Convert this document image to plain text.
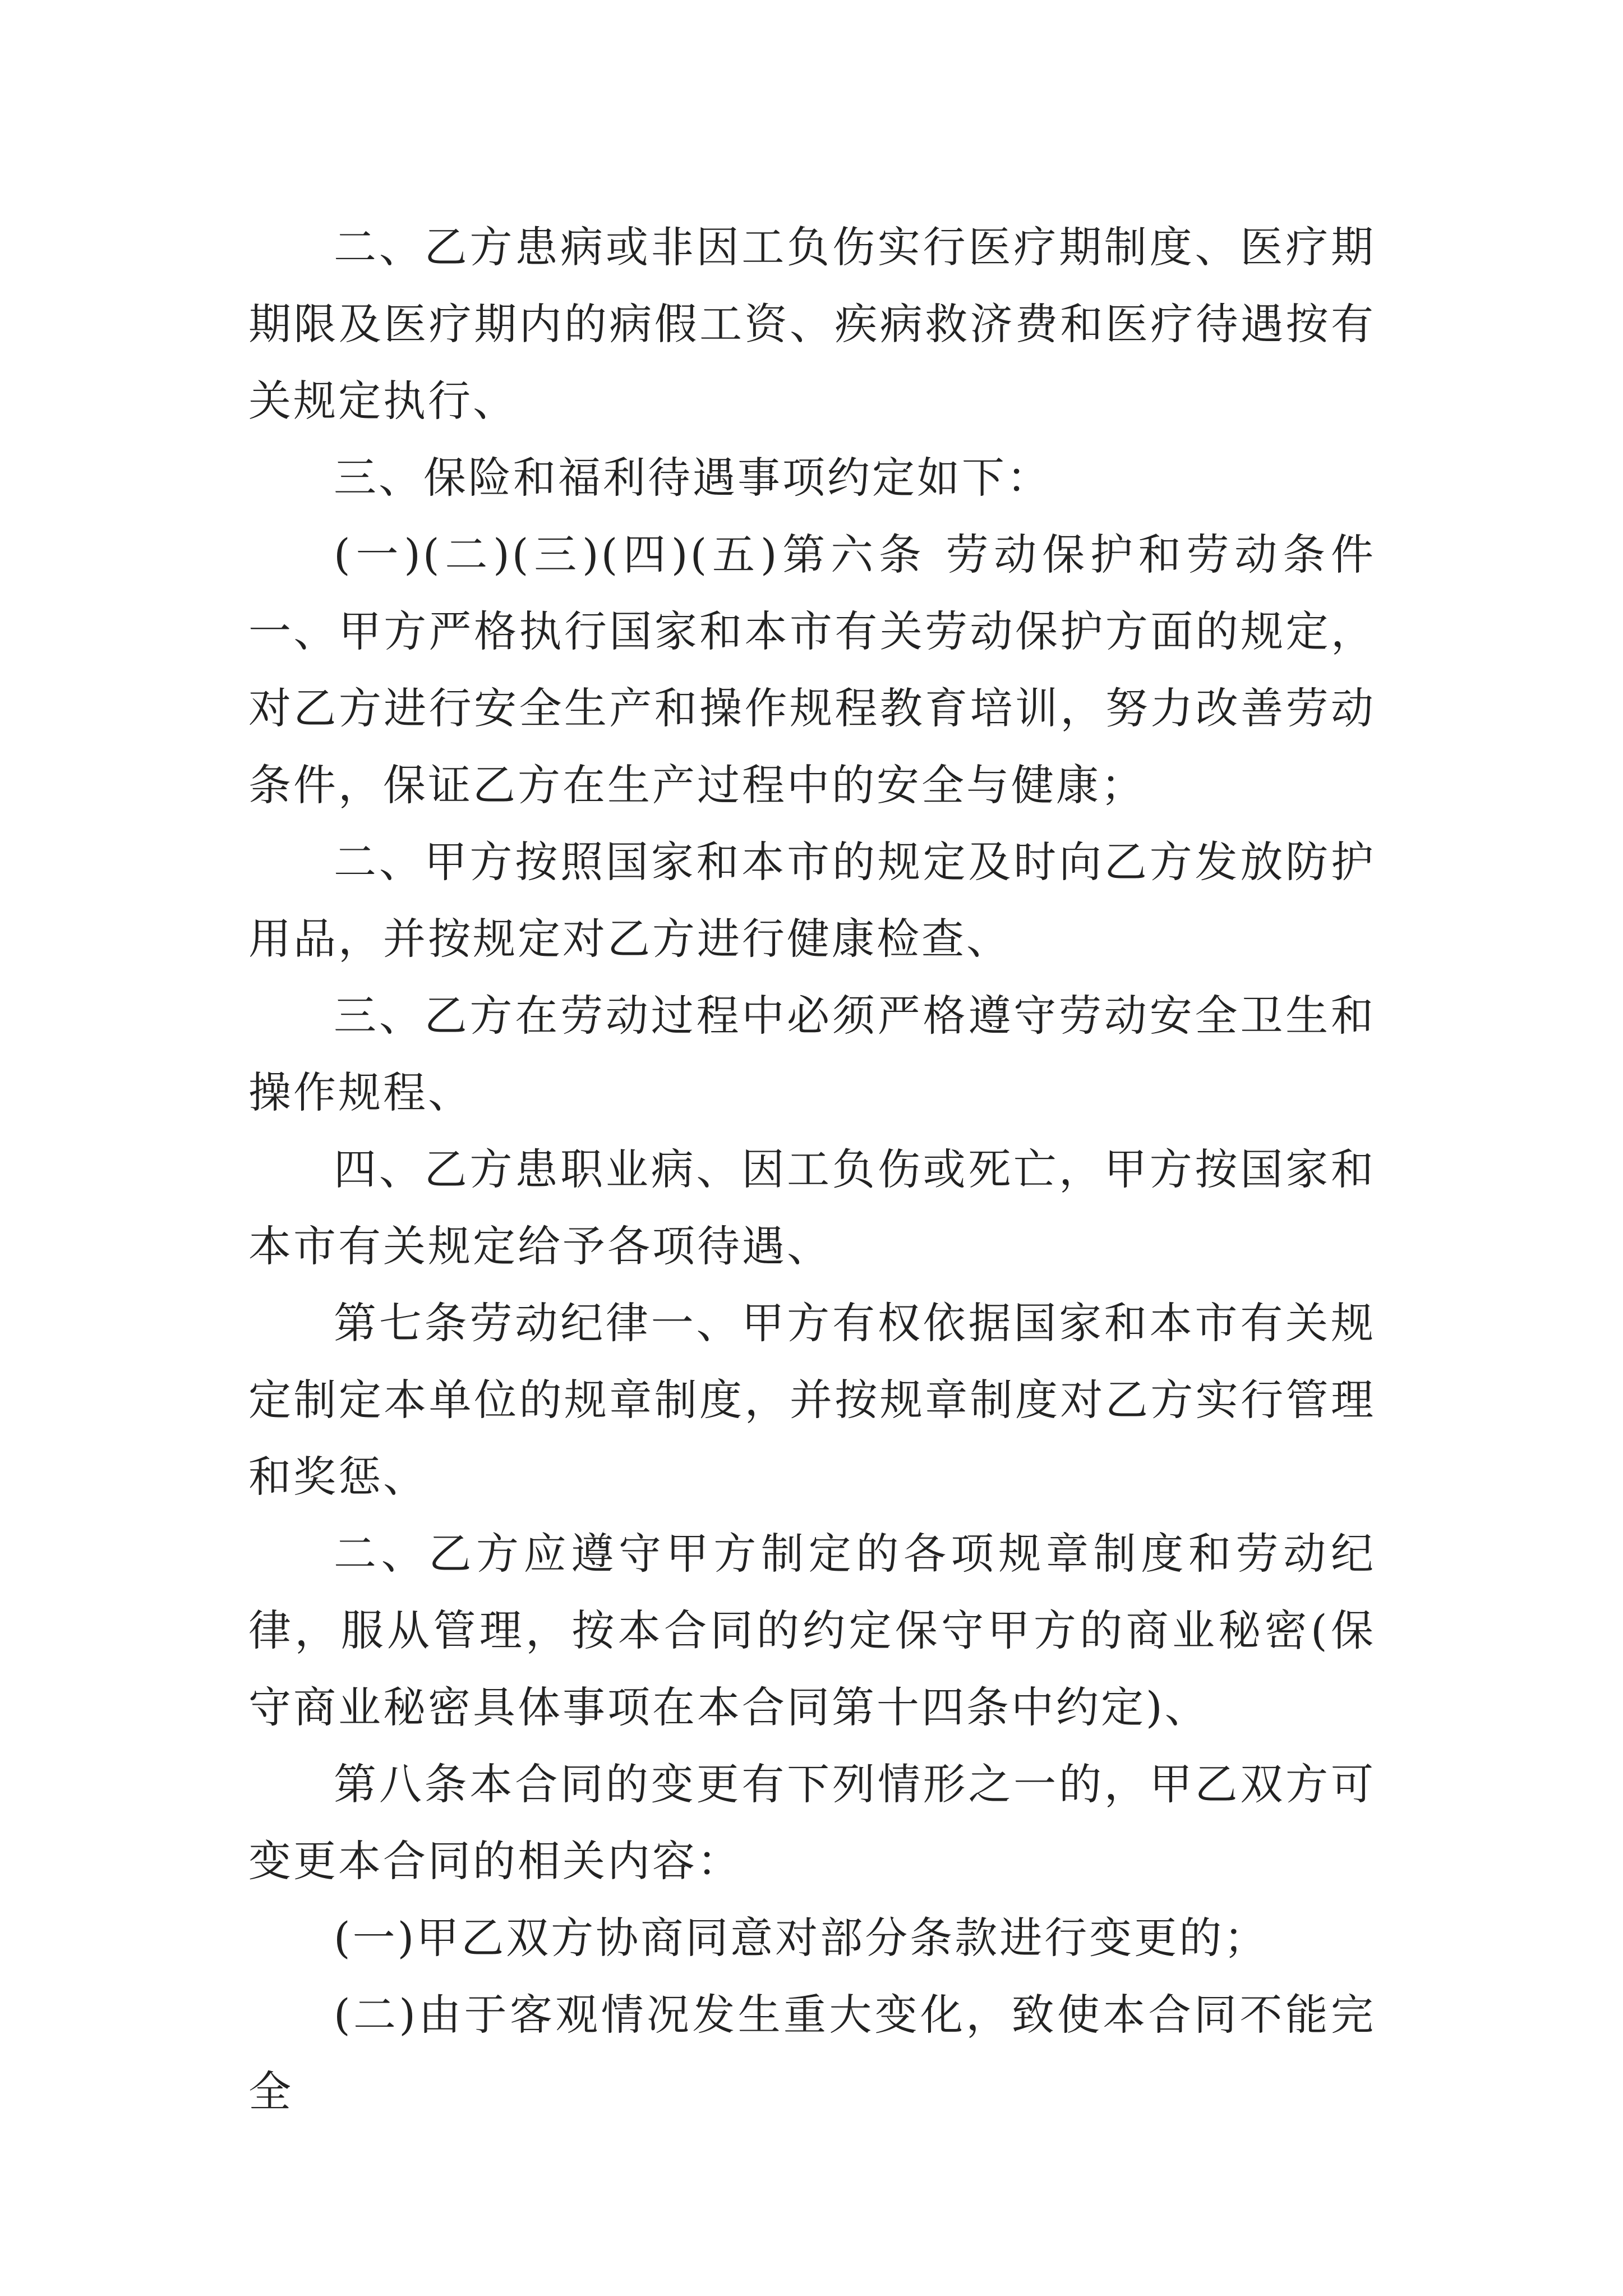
二、乙方患病或非因工负伤实行医疗期制度、医疗期期限及医疗期内的病假工资、疾病救济费和医疗待遇按有关规定执行、

三、保险和福利待遇事项约定如下：

(一)(二)(三)(四)(五)第六条 劳动保护和劳动条件一、甲方严格执行国家和本市有关劳动保护方面的规定，对乙方进行安全生产和操作规程教育培训，努力改善劳动条件，保证乙方在生产过程中的安全与健康；

二、甲方按照国家和本市的规定及时向乙方发放防护用品，并按规定对乙方进行健康检查、

三、乙方在劳动过程中必须严格遵守劳动安全卫生和操作规程、

四、乙方患职业病、因工负伤或死亡，甲方按国家和本市有关规定给予各项待遇、

第七条劳动纪律一、甲方有权依据国家和本市有关规定制定本单位的规章制度，并按规章制度对乙方实行管理和奖惩、

二、乙方应遵守甲方制定的各项规章制度和劳动纪律，服从管理，按本合同的约定保守甲方的商业秘密(保守商业秘密具体事项在本合同第十四条中约定)、

第八条本合同的变更有下列情形之一的，甲乙双方可变更本合同的相关内容：

(一)甲乙双方协商同意对部分条款进行变更的；

(二)由于客观情况发生重大变化，致使本合同不能完全
